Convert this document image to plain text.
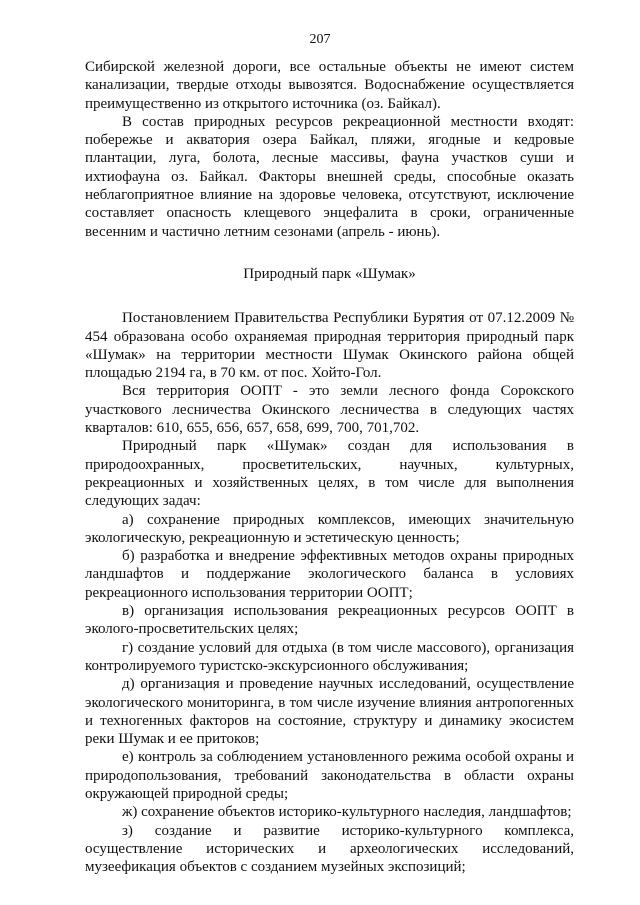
207

Сибирской железной дороги, все остальные объекты не имеют систем канализации, твердые отходы вывозятся. Водоснабжение осуществляется преимущественно из открытого источника (оз. Байкал).

В состав природных ресурсов рекреационной местности входят: побережье и акватория озера Байкал, пляжи, ягодные и кедровые плантации, луга, болота, лесные массивы, фауна участков суши и ихтиофауна оз. Байкал. Факторы внешней среды, способные оказать неблагоприятное влияние на здоровье человека, отсутствуют, исключение составляет опасность клещевого энцефалита в сроки, ограниченные весенним и частично летним сезонами (апрель - июнь).

Природный парк «Шумак»

Постановлением Правительства Республики Бурятия от 07.12.2009 № 454 образована особо охраняемая природная территория природный парк «Шумак» на территории местности Шумак Окинского района общей площадью 2194 га, в 70 км. от пос. Хойто-Гол.

Вся территория ООПТ - это земли лесного фонда Сорокского участкового лесничества Окинского лесничества в следующих частях кварталов: 610, 655, 656, 657, 658, 699, 700, 701,702.

Природный парк «Шумак» создан для использования в природоохранных, просветительских, научных, культурных, рекреационных и хозяйственных целях, в том числе для выполнения следующих задач:

а) сохранение природных комплексов, имеющих значительную экологическую, рекреационную и эстетическую ценность;

б) разработка и внедрение эффективных методов охраны природных ландшафтов и поддержание экологического баланса в условиях рекреационного использования территории ООПТ;

в) организация использования рекреационных ресурсов ООПТ в эколого-просветительских целях;

г) создание условий для отдыха (в том числе массового), организация контролируемого туристско-экскурсионного обслуживания;

д) организация и проведение научных исследований, осуществление экологического мониторинга, в том числе изучение влияния антропогенных и техногенных факторов на состояние, структуру и динамику экосистем реки Шумак и ее притоков;

е) контроль за соблюдением установленного режима особой охраны и природопользования, требований законодательства в области охраны окружающей природной среды;

ж) сохранение объектов историко-культурного наследия, ландшафтов;

з) создание и развитие историко-культурного комплекса, осуществление исторических и археологических исследований, музеефикация объектов с созданием музейных экспозиций;
